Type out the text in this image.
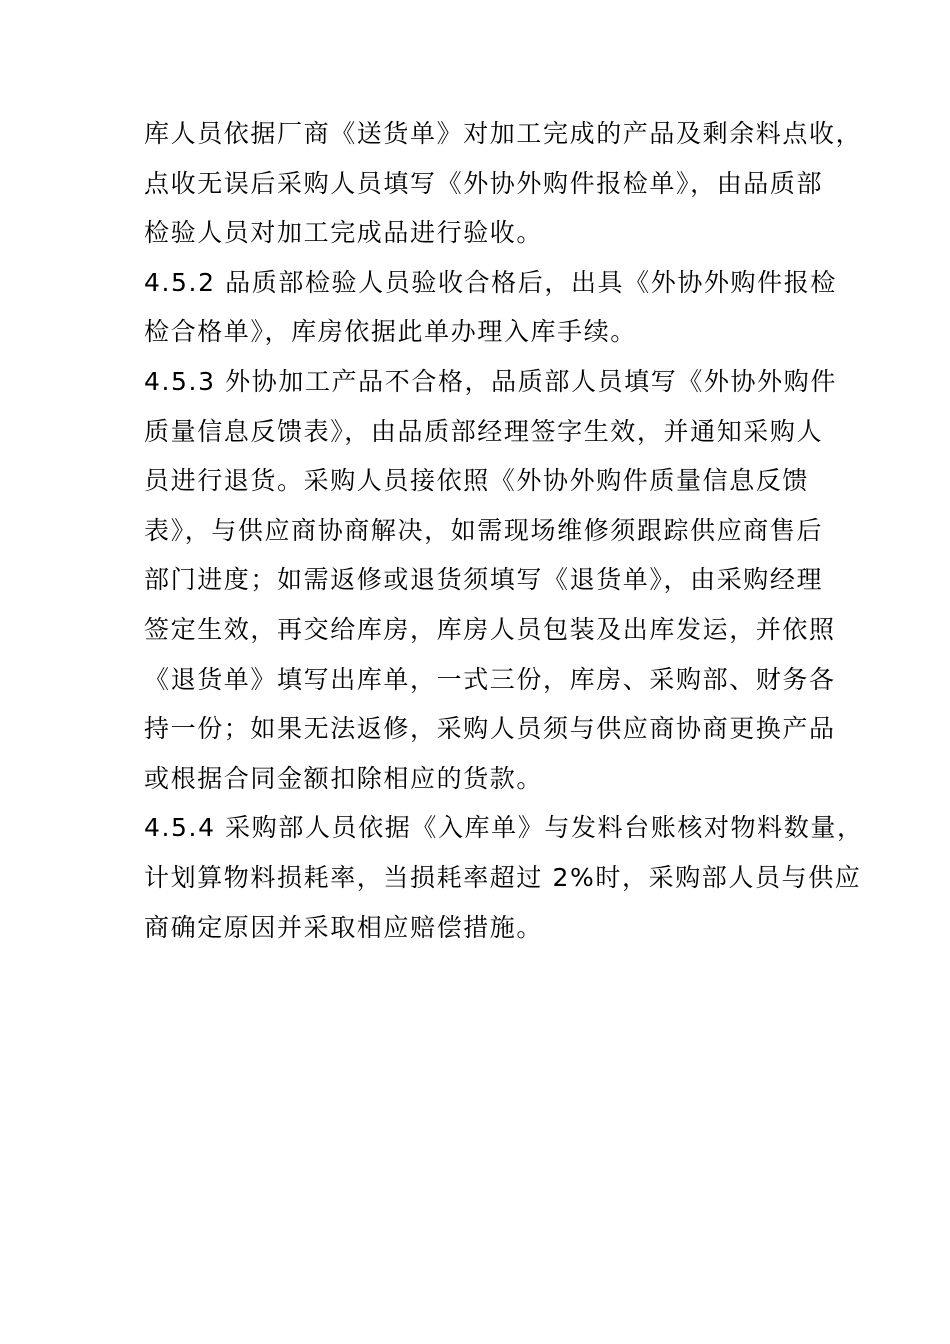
库人员依据厂商《送货单》对加工完成的产品及剩余料点收，
点收无误后采购人员填写《外协外购件报检单》，由品质部
检验人员对加工完成品进行验收。
4.5.2 品质部检验人员验收合格后，出具《外协外购件报检
检合格单》，库房依据此单办理入库手续。
4.5.3 外协加工产品不合格，品质部人员填写《外协外购件
质量信息反馈表》，由品质部经理签字生效，并通知采购人
员进行退货。采购人员接依照《外协外购件质量信息反馈
表》，与供应商协商解决，如需现场维修须跟踪供应商售后
部门进度；如需返修或退货须填写《退货单》，由采购经理
签定生效，再交给库房，库房人员包装及出库发运，并依照
《退货单》填写出库单，一式三份，库房、采购部、财务各
持一份；如果无法返修，采购人员须与供应商协商更换产品
或根据合同金额扣除相应的货款。
4.5.4 采购部人员依据《入库单》与发料台账核对物料数量，
计划算物料损耗率，当损耗率超过 2%时，采购部人员与供应
商确定原因并采取相应赔偿措施。
